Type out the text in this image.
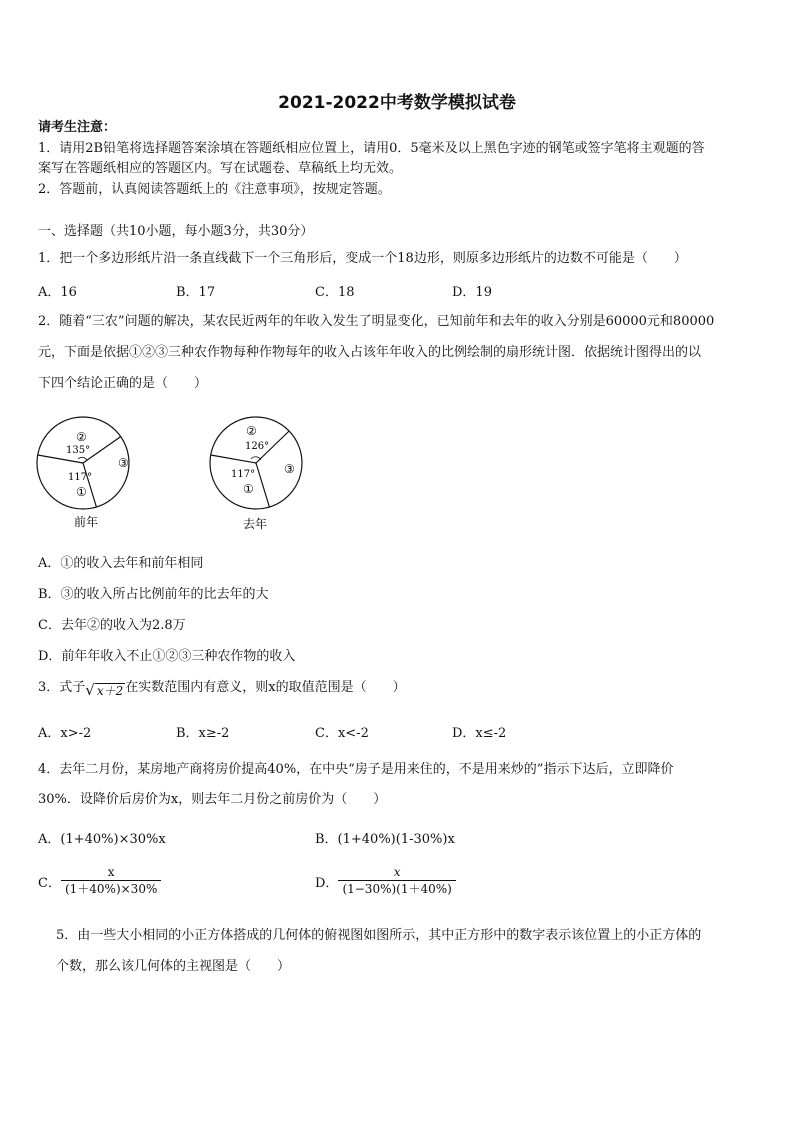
2021-2022中考数学模拟试卷
请考生注意：
1．请用2B铅笔将选择题答案涂填在答题纸相应位置上，请用0．5毫米及以上黑色字迹的钢笔或签字笔将主观题的答
案写在答题纸相应的答题区内。写在试题卷、草稿纸上均无效。
2．答题前，认真阅读答题纸上的《注意事项》，按规定答题。
一、选择题（共10小题，每小题3分，共30分）
1．把一个多边形纸片沿一条直线截下一个三角形后，变成一个18边形，则原多边形纸片的边数不可能是（　　）
A．16	B．17	C．18	D．19
2．随着“三农”问题的解决，某农民近两年的年收入发生了明显变化，已知前年和去年的收入分别是60000元和80000
元，下面是依据①②③三种农作物每种作物每年的收入占该年年收入的比例绘制的扇形统计图．依据统计图得出的以
下四个结论正确的是（　　）
②
135°
117°
①
③
前年
②
126°
117°
①
③
去年
A．①的收入去年和前年相同
B．③的收入所占比例前年的比去年的大
C．去年②的收入为2.8万
D．前年年收入不止①②③三种农作物的收入
3．式子 √ x＋2 在实数范围内有意义，则x的取值范围是（　　）
A．x>-2	B．x≥-2	C．x<-2	D．x≤-2
4．去年二月份，某房地产商将房价提高40%，在中央“房子是用来住的，不是用来炒的”指示下达后，立即降价
30%．设降价后房价为x，则去年二月份之前房价为（　　）
A．(1+40%)×30%x	B．(1+40%)(1-30%)x
C． $\frac{x}{(1+40\%)\times 30\%}$	D． $\frac{x}{(1-30\%)(1+40\%)}$
5．由一些大小相同的小正方体搭成的几何体的俯视图如图所示，其中正方形中的数字表示该位置上的小正方体的
个数，那么该几何体的主视图是（　　）
